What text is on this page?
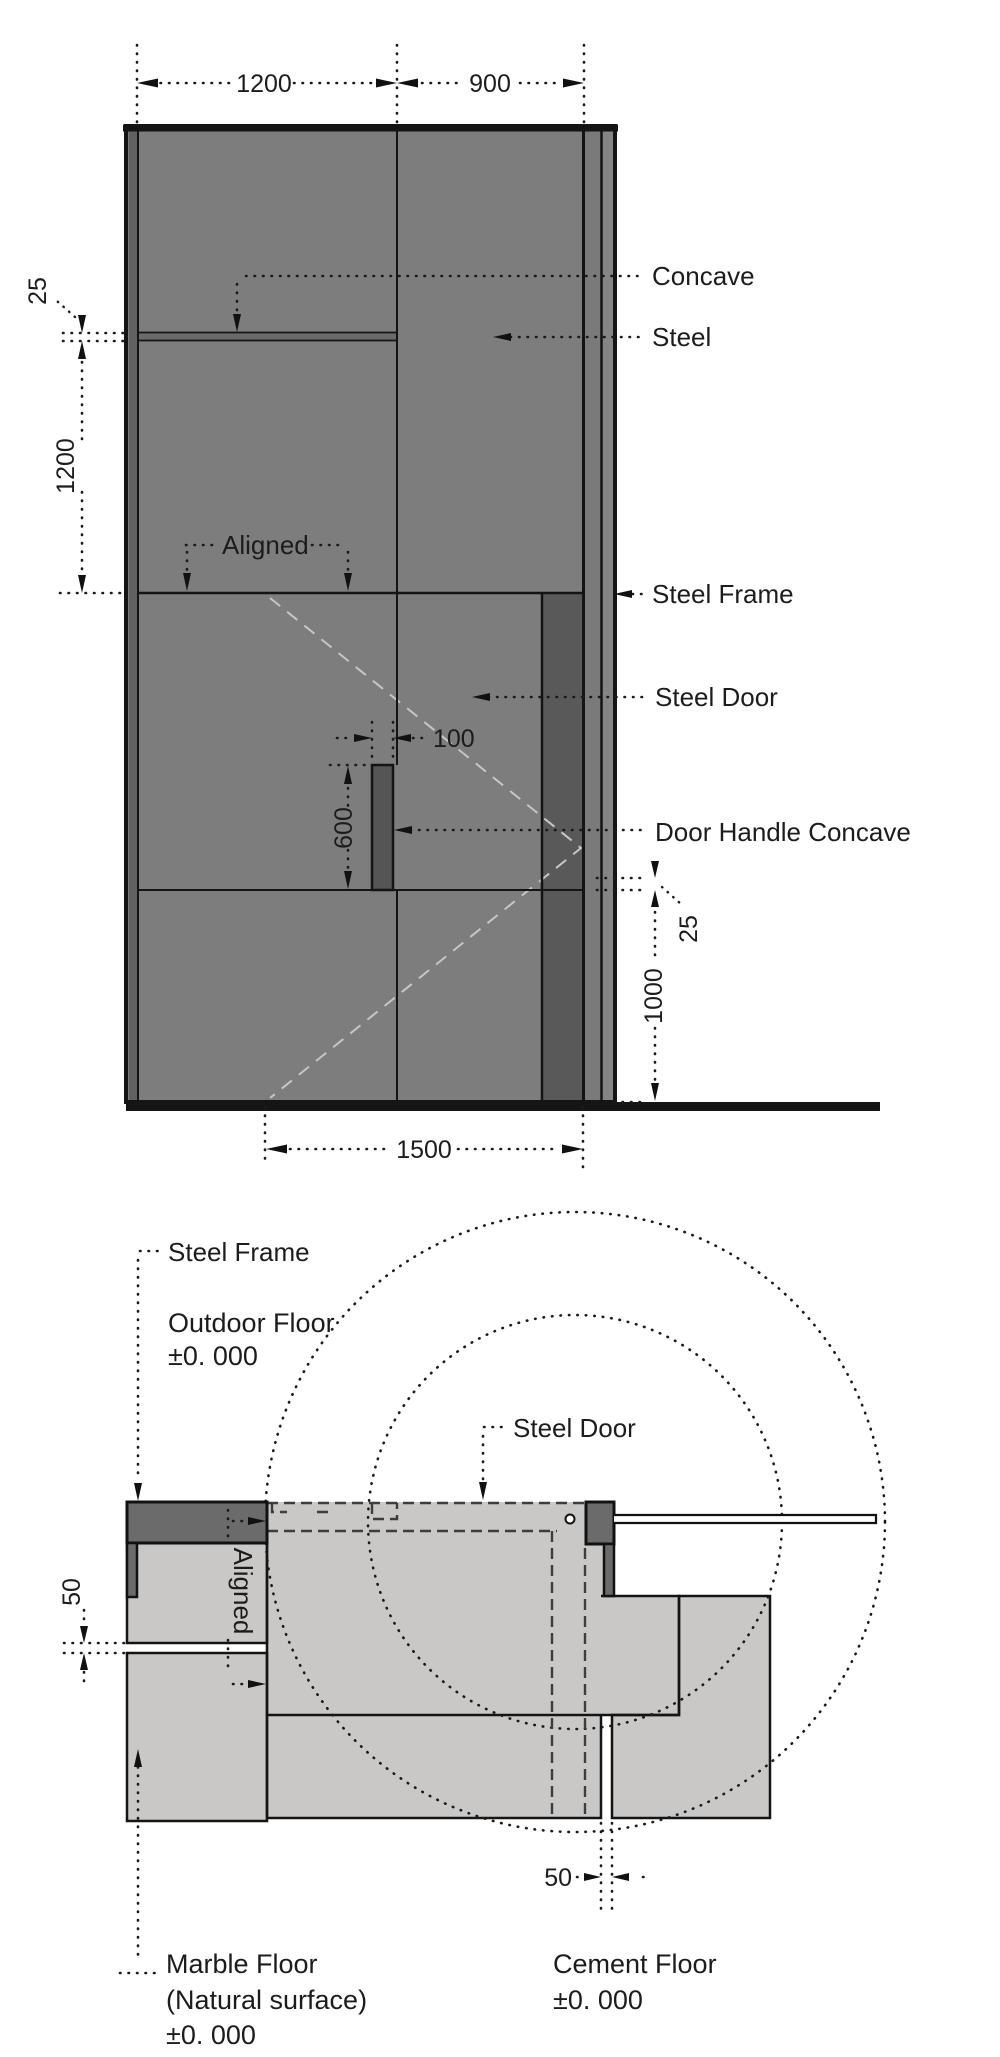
1200	900
25
1200
100
600
25
1000
1500
Aligned
Concave
Steel
Steel Frame
Steel Door
Door Handle Concave
Steel Frame
Outdoor Floor
±0. 000
Steel Door
Aligned
50
50
Marble Floor
(Natural surface)
±0. 000
Cement Floor
±0. 000
